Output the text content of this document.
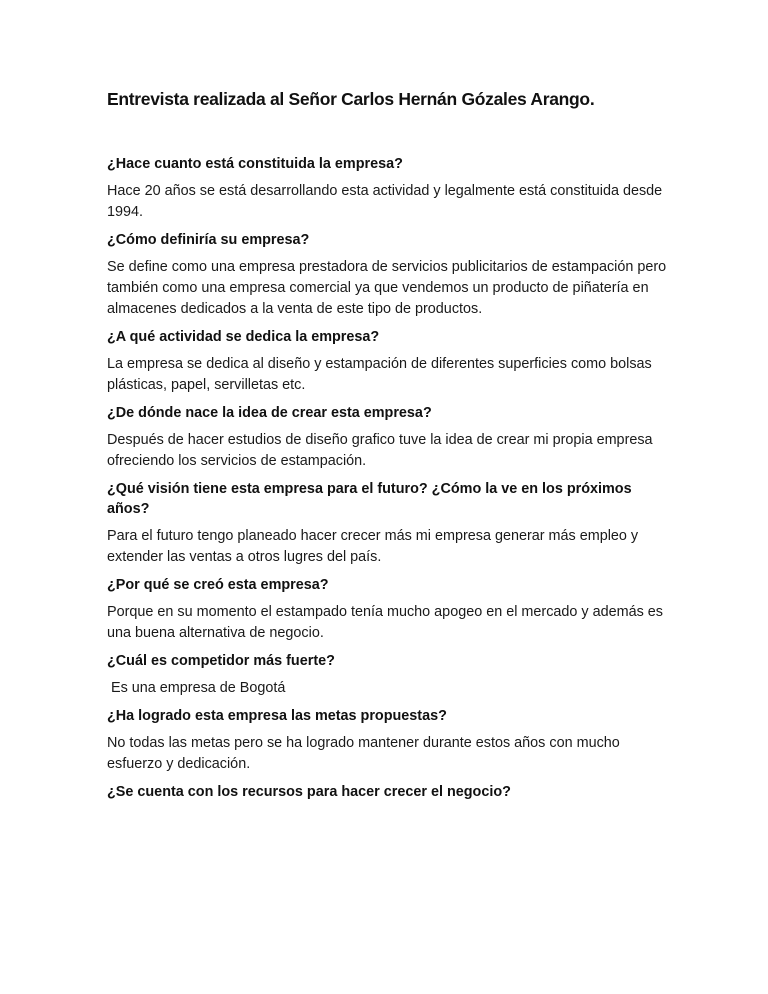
Entrevista realizada al Señor Carlos Hernán Gózales Arango.

¿Hace cuanto está constituida la empresa?

Hace 20 años se está desarrollando esta actividad y legalmente está constituida desde 1994.

¿Cómo definiría su empresa?

Se define como una empresa prestadora de servicios publicitarios de estampación pero también como una empresa comercial ya que vendemos un producto de piñatería en almacenes dedicados a la venta de este tipo de productos.

¿A qué actividad se dedica la empresa?

La empresa se dedica al diseño y estampación de diferentes superficies como bolsas plásticas, papel, servilletas etc.

¿De dónde nace la idea de crear esta empresa?

Después de hacer estudios de diseño grafico tuve la idea de crear mi propia empresa ofreciendo los servicios de estampación.

¿Qué visión tiene esta empresa para el futuro? ¿Cómo la ve en los próximos años?

Para el futuro tengo planeado hacer crecer más mi empresa generar más empleo y extender las ventas a otros lugres del país.

¿Por qué se creó esta empresa?

Porque en su momento el estampado tenía mucho apogeo en el mercado y además es una buena alternativa de negocio.

¿Cuál es competidor más fuerte?

Es una empresa de Bogotá

¿Ha logrado esta empresa las metas propuestas?

No todas las metas pero se ha logrado mantener durante estos años con mucho esfuerzo y dedicación.

¿Se cuenta con los recursos para hacer crecer el negocio?
